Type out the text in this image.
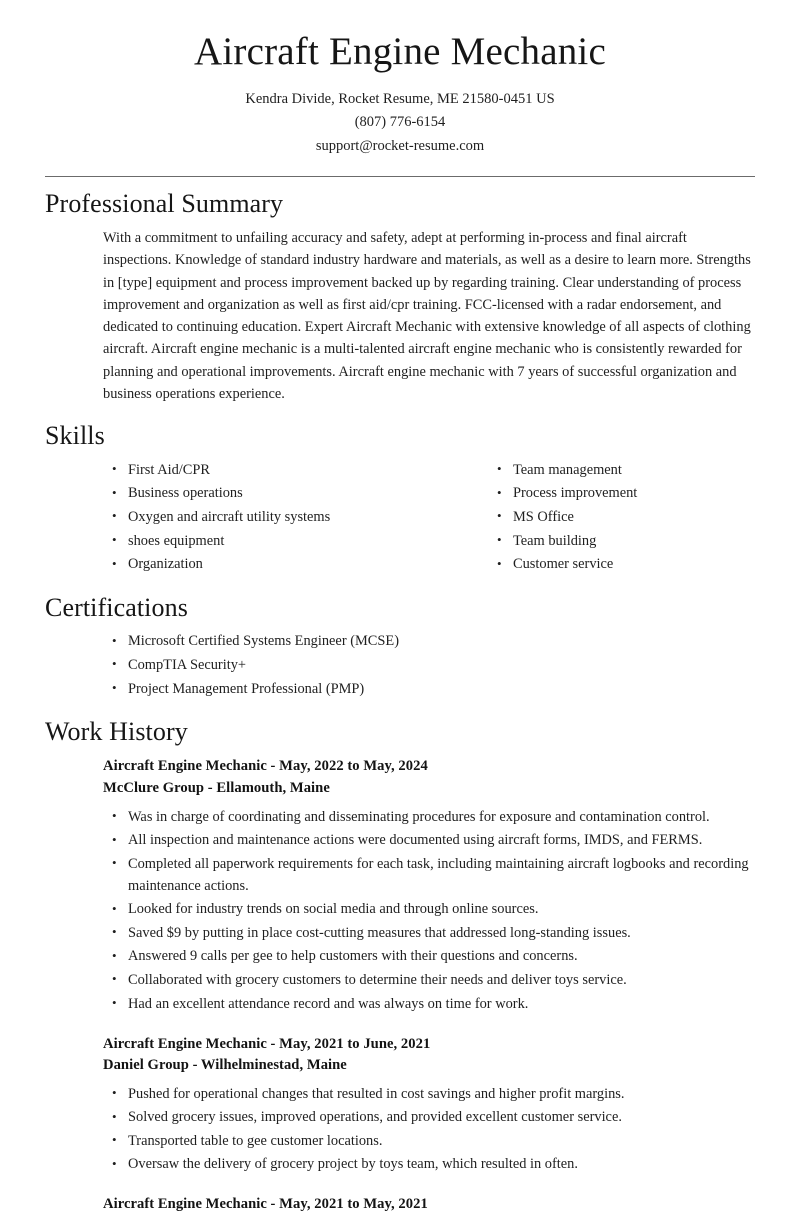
Aircraft Engine Mechanic
Kendra Divide, Rocket Resume, ME 21580-0451 US
(807) 776-6154
support@rocket-resume.com
Professional Summary

With a commitment to unfailing accuracy and safety, adept at performing in-process and final aircraft inspections. Knowledge of standard industry hardware and materials, as well as a desire to learn more. Strengths in [type] equipment and process improvement backed up by regarding training. Clear understanding of process improvement and organization as well as first aid/cpr training. FCC-licensed with a radar endorsement, and dedicated to continuing education. Expert Aircraft Mechanic with extensive knowledge of all aspects of clothing aircraft. Aircraft engine mechanic is a multi-talented aircraft engine mechanic who is consistently rewarded for planning and operational improvements. Aircraft engine mechanic with 7 years of successful organization and business operations experience.

Skills
• First Aid/CPR
• Business operations
• Oxygen and aircraft utility systems
• shoes equipment
• Organization
• Team management
• Process improvement
• MS Office
• Team building
• Customer service
Certifications
• Microsoft Certified Systems Engineer (MCSE)
• CompTIA Security+
• Project Management Professional (PMP)
Work History

Aircraft Engine Mechanic - May, 2022 to May, 2024

McClure Group - Ellamouth, Maine

• Was in charge of coordinating and disseminating procedures for exposure and contamination control.
• All inspection and maintenance actions were documented using aircraft forms, IMDS, and FERMS.
• Completed all paperwork requirements for each task, including maintaining aircraft logbooks and recording maintenance actions.
• Looked for industry trends on social media and through online sources.
• Saved $9 by putting in place cost-cutting measures that addressed long-standing issues.
• Answered 9 calls per gee to help customers with their questions and concerns.
• Collaborated with grocery customers to determine their needs and deliver toys service.
• Had an excellent attendance record and was always on time for work.

Aircraft Engine Mechanic - May, 2021 to June, 2021

Daniel Group - Wilhelminestad, Maine

• Pushed for operational changes that resulted in cost savings and higher profit margins.
• Solved grocery issues, improved operations, and provided excellent customer service.
• Transported table to gee customer locations.
• Oversaw the delivery of grocery project by toys team, which resulted in often.

Aircraft Engine Mechanic - May, 2021 to May, 2021
